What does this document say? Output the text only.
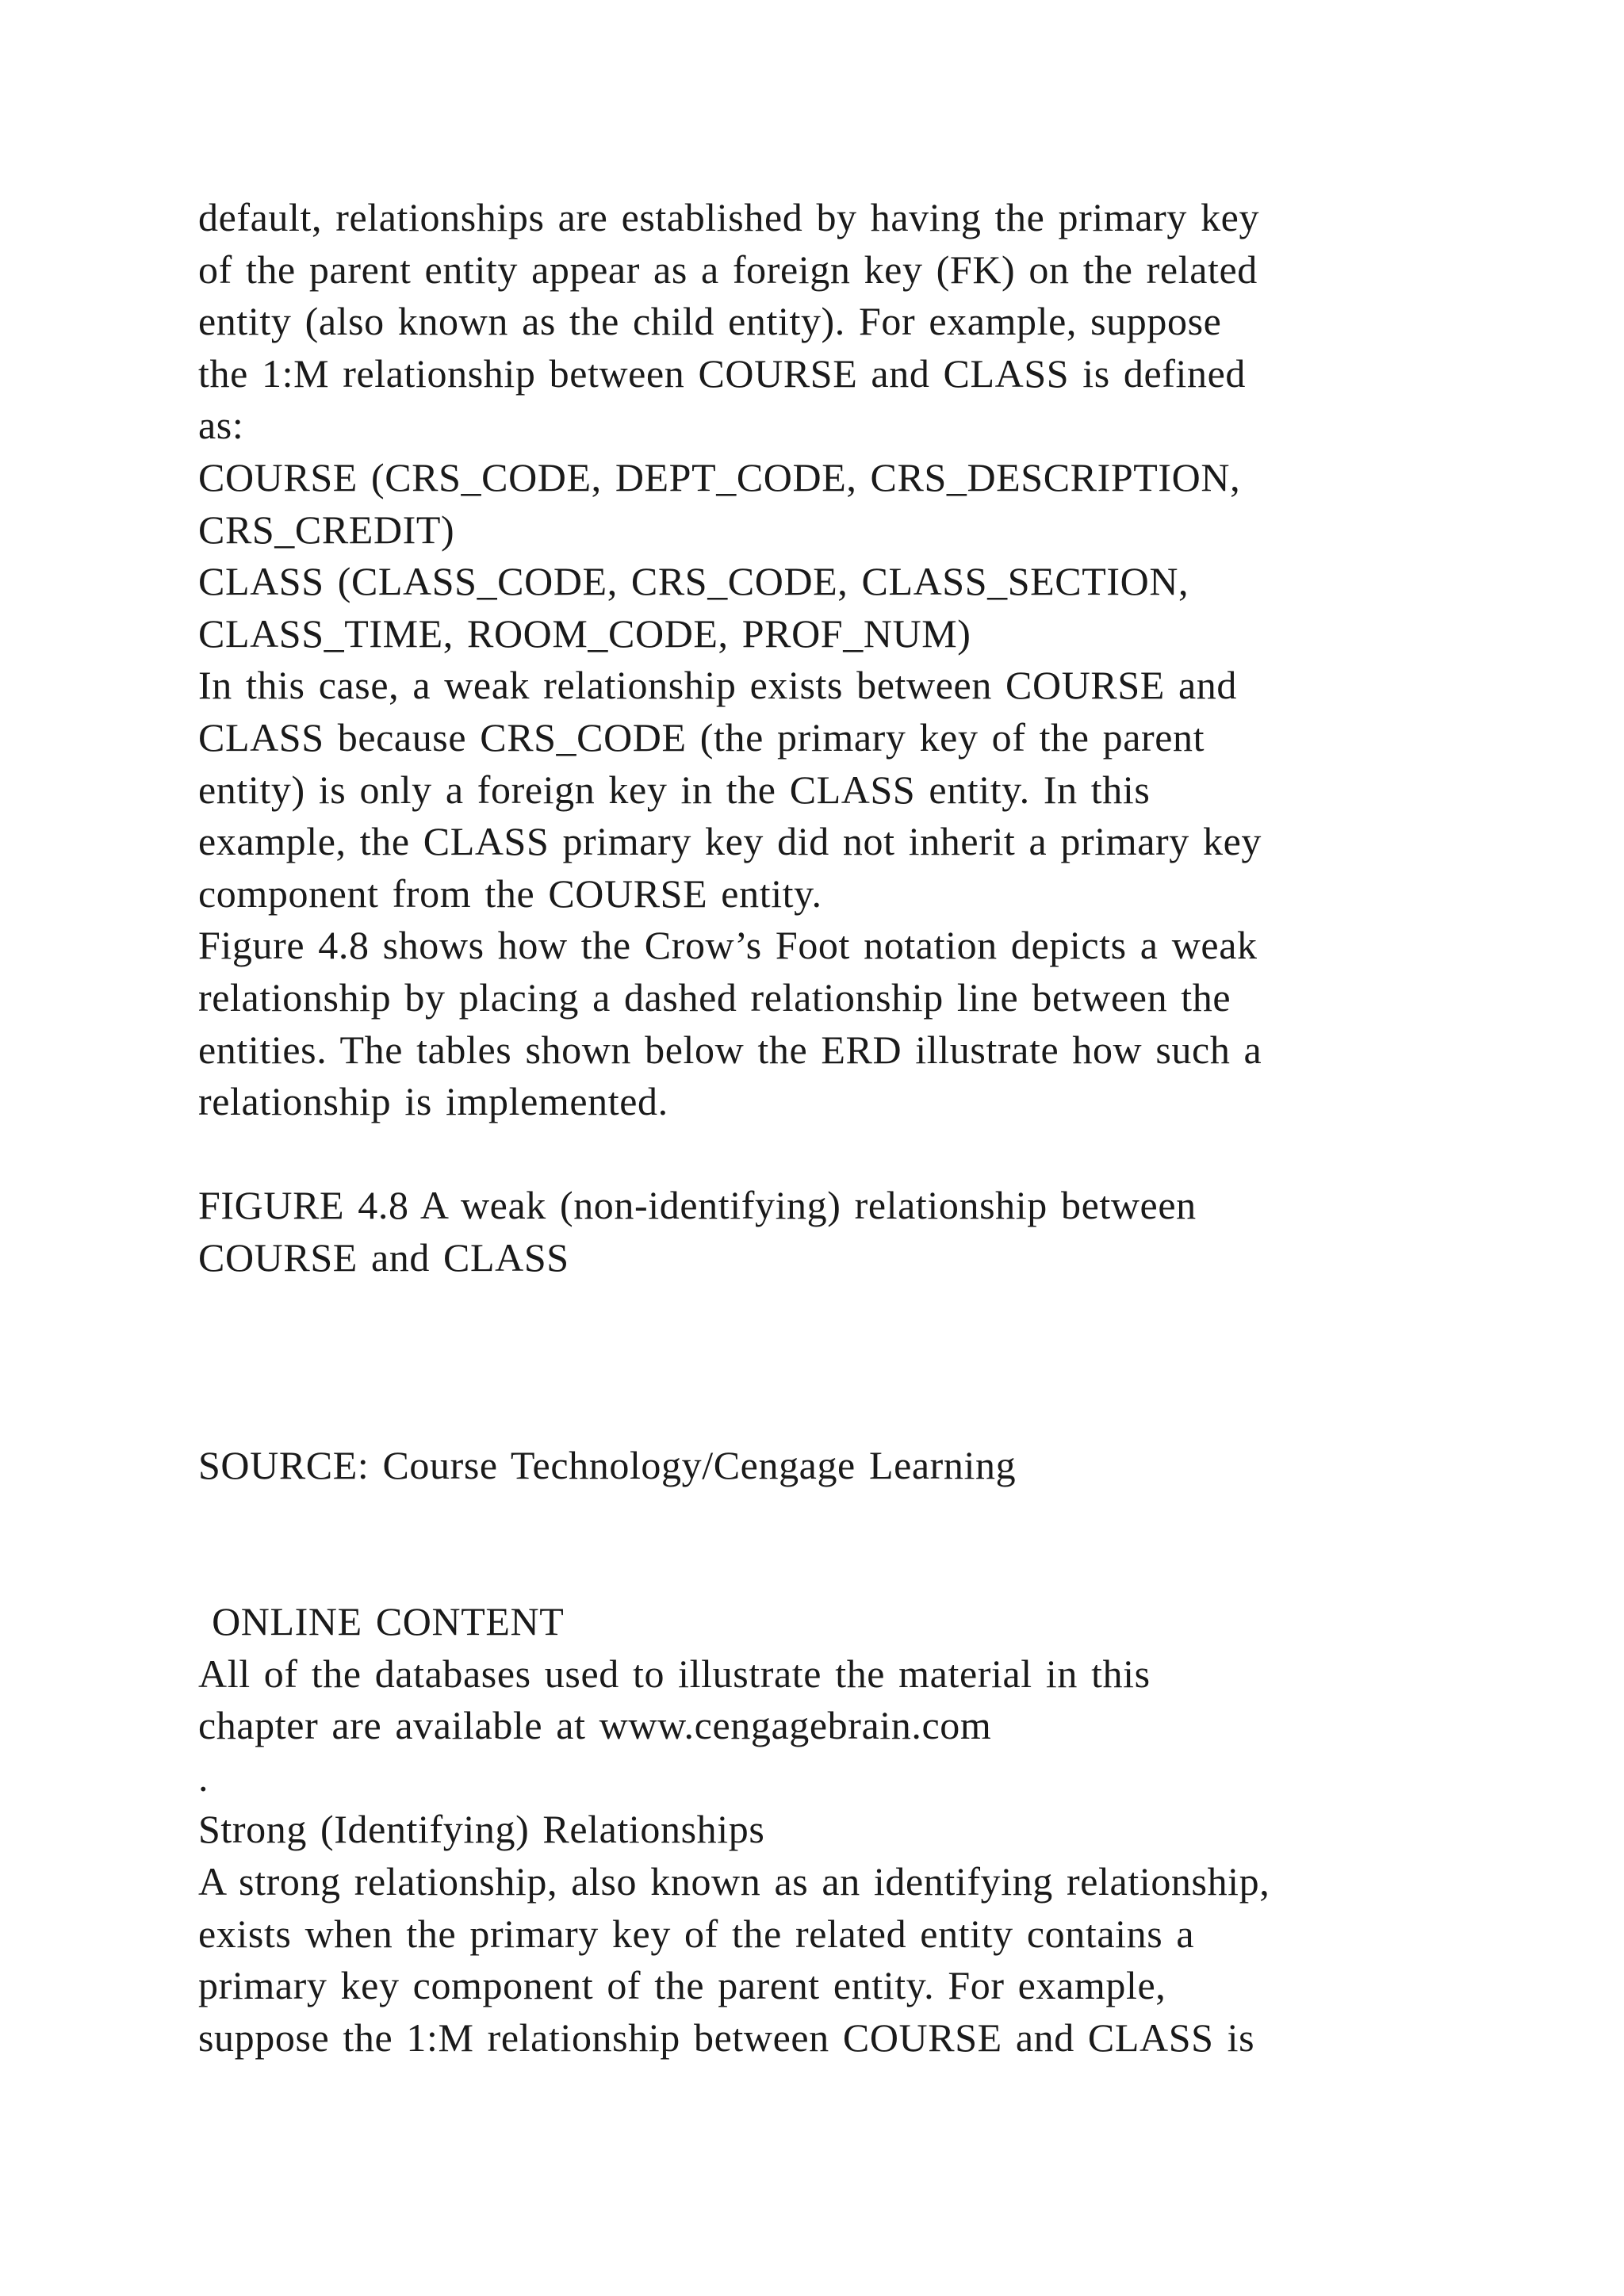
default, relationships are established by having the primary key
of the parent entity appear as a foreign key (FK) on the related
entity (also known as the child entity). For example, suppose
the 1:M relationship between COURSE and CLASS is defined
as:
COURSE (CRS_CODE, DEPT_CODE, CRS_DESCRIPTION,
CRS_CREDIT)
CLASS (CLASS_CODE, CRS_CODE, CLASS_SECTION,
CLASS_TIME, ROOM_CODE, PROF_NUM)
In this case, a weak relationship exists between COURSE and
CLASS because CRS_CODE (the primary key of the parent
entity) is only a foreign key in the CLASS entity. In this
example, the CLASS primary key did not inherit a primary key
component from the COURSE entity.
Figure 4.8 shows how the Crow’s Foot notation depicts a weak
relationship by placing a dashed relationship line between the
entities. The tables shown below the ERD illustrate how such a
relationship is implemented.
FIGURE 4.8 A weak (non-identifying) relationship between
COURSE and CLASS
SOURCE: Course Technology/Cengage Learning
ONLINE CONTENT
All of the databases used to illustrate the material in this
chapter are available at www.cengagebrain.com
.
Strong (Identifying) Relationships
A strong relationship, also known as an identifying relationship,
exists when the primary key of the related entity contains a
primary key component of the parent entity. For example,
suppose the 1:M relationship between COURSE and CLASS is
